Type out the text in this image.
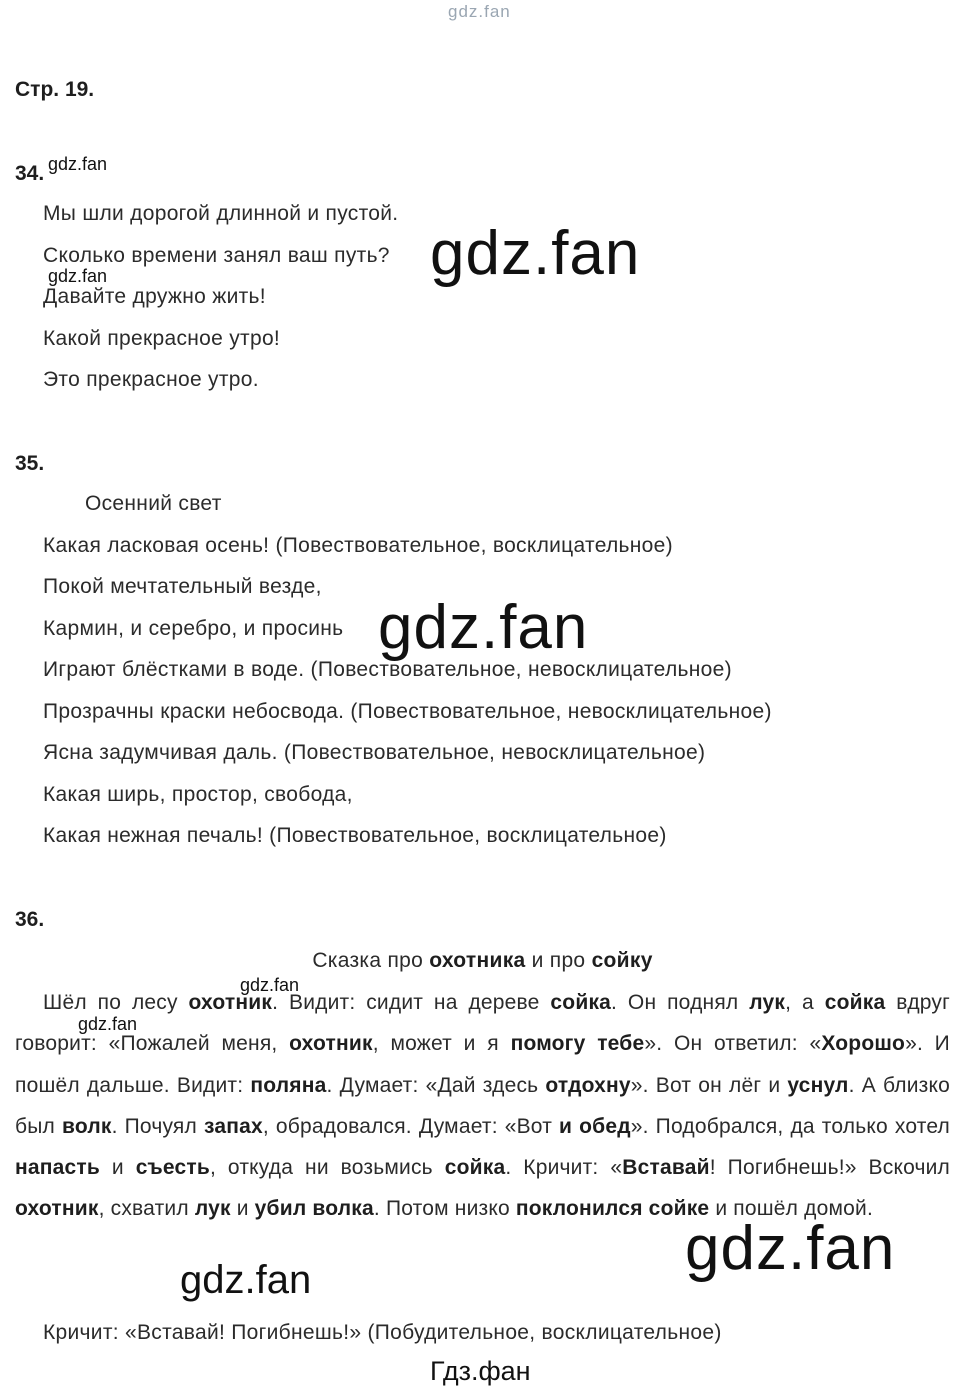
gdz.fan
Стр. 19.
34. gdz.fan
Мы шли дорогой длинной и пустой.
Сколько времени занял ваш путь?
gdz.fan
Давайте дружно жить!
Какой прекрасное утро!
Это прекрасное утро.
gdz.fan
35.
Осенний свет
Какая ласковая осень! (Повествовательное, восклицательное)
Покой мечтательный везде,
Кармин, и серебро, и просинь
Играют блёстками в воде. (Повествовательное, невосклицательное)
Прозрачны краски небосвода. (Повествовательное, невосклицательное)
Ясна задумчивая даль. (Повествовательное, невосклицательное)
Какая ширь, простор, свобода,
Какая нежная печаль! (Повествовательное, восклицательное)
gdz.fan
36.
Сказка про охотника и про сойку
Шёл по лесу охотник. Видит: сидит на дереве сойка. Он поднял лук, а сойка вдруг говорит: «Пожалей меня, охотник, может и я помогу тебе». Он ответил: «Хорошо». И пошёл дальше. Видит: поляна. Думает: «Дай здесь отдохну». Вот он лёг и уснул. А близко был волк. Почуял запах, обрадовался. Думает: «Вот и обед». Подобрался, да только хотел напасть и съесть, откуда ни возьмись сойка. Кричит: «Вставай! Погибнешь!» Вскочил охотник, схватил лук и убил волка. Потом низко поклонился сойке и пошёл домой.
gdz.fan
gdz.fan
gdz.fan
gdz.fan
Кричит: «Вставай! Погибнешь!» (Побудительное, восклицательное)
Гдз.фан
